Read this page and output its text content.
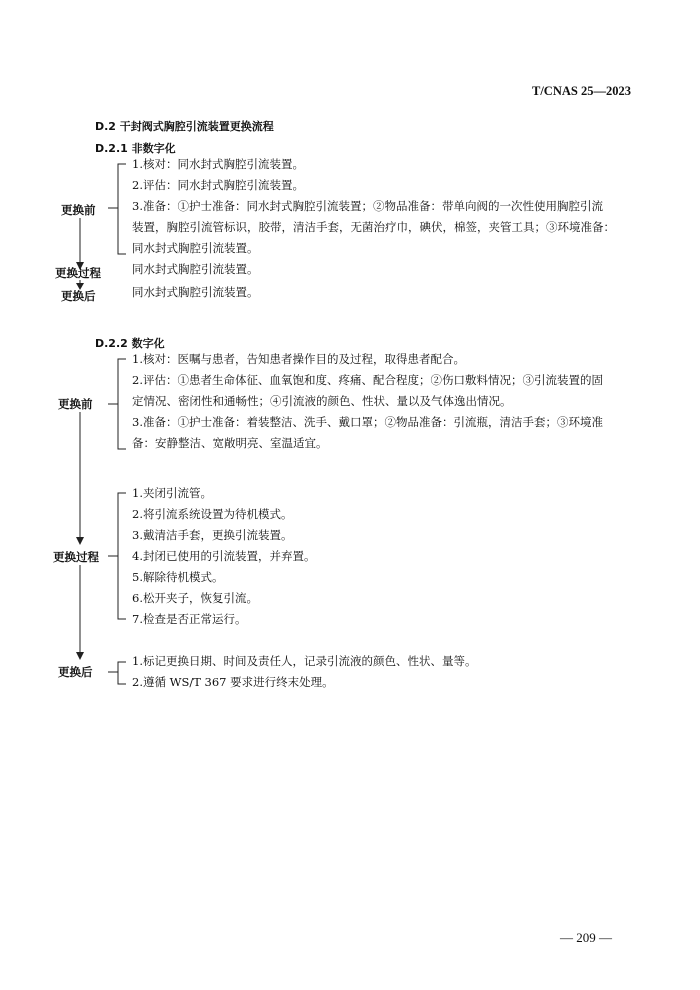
T/CNAS 25—2023
D.2 干封阀式胸腔引流装置更换流程
D.2.1 非数字化
更换前
更换过程
更换后
1.核对：同水封式胸腔引流装置。
2.评估：同水封式胸腔引流装置。
3.准备：①护士准备：同水封式胸腔引流装置；②物品准备：带单向阀的一次性使用胸腔引流
装置，胸腔引流管标识，胶带，清洁手套，无菌治疗巾，碘伏，棉签，夹管工具；③环境准备：
同水封式胸腔引流装置。
同水封式胸腔引流装置。
同水封式胸腔引流装置。
D.2.2 数字化
更换前
更换过程
更换后
1.核对：医嘱与患者，告知患者操作目的及过程，取得患者配合。
2.评估：①患者生命体征、血氧饱和度、疼痛、配合程度；②伤口敷料情况；③引流装置的固
定情况、密闭性和通畅性；④引流液的颜色、性状、量以及气体逸出情况。
3.准备：①护士准备：着装整洁、洗手、戴口罩；②物品准备：引流瓶，清洁手套；③环境准
备：安静整洁、宽敞明亮、室温适宜。
1.夹闭引流管。
2.将引流系统设置为待机模式。
3.戴清洁手套，更换引流装置。
4.封闭已使用的引流装置，并弃置。
5.解除待机模式。
6.松开夹子，恢复引流。
7.检查是否正常运行。
1.标记更换日期、时间及责任人，记录引流液的颜色、性状、量等。
2.遵循 WS/T 367 要求进行终末处理。
— 209 —
